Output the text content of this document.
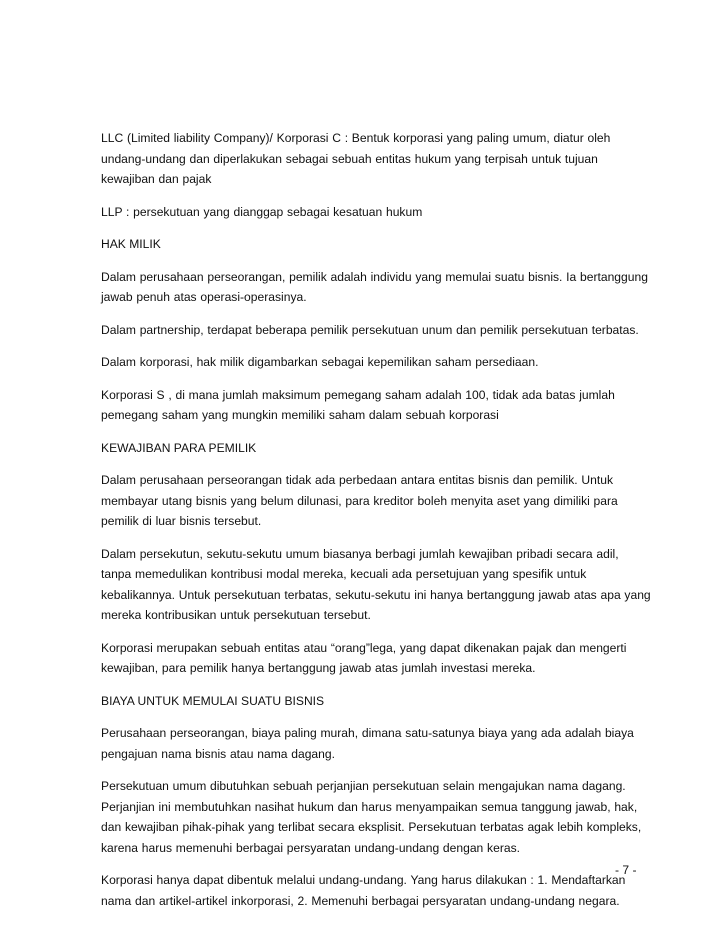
LLC (Limited liability Company)/ Korporasi C : Bentuk korporasi yang paling umum, diatur oleh
undang-undang dan diperlakukan sebagai sebuah entitas hukum yang terpisah untuk tujuan
kewajiban dan pajak
LLP : persekutuan yang dianggap sebagai kesatuan hukum
HAK MILIK
Dalam perusahaan perseorangan, pemilik adalah individu yang memulai suatu bisnis. Ia bertanggung
jawab penuh atas operasi-operasinya.
Dalam partnership, terdapat beberapa pemilik persekutuan unum dan pemilik persekutuan terbatas.
Dalam korporasi, hak milik digambarkan sebagai kepemilikan saham persediaan.
Korporasi S , di mana jumlah maksimum pemegang saham adalah 100, tidak ada batas jumlah
pemegang saham yang mungkin memiliki saham dalam sebuah korporasi
KEWAJIBAN PARA PEMILIK
Dalam perusahaan perseorangan tidak ada perbedaan antara entitas bisnis dan pemilik. Untuk
membayar utang bisnis yang belum dilunasi, para kreditor boleh menyita aset yang dimiliki para
pemilik di luar bisnis tersebut.
Dalam persekutun, sekutu-sekutu umum biasanya berbagi jumlah kewajiban pribadi secara adil,
tanpa memedulikan kontribusi modal mereka, kecuali ada persetujuan yang spesifik untuk
kebalikannya. Untuk persekutuan terbatas, sekutu-sekutu ini hanya bertanggung jawab atas apa yang
mereka kontribusikan untuk persekutuan tersebut.
Korporasi merupakan sebuah entitas atau “orang”lega, yang dapat dikenakan pajak dan mengerti
kewajiban, para pemilik hanya bertanggung jawab atas jumlah investasi mereka.
BIAYA UNTUK MEMULAI SUATU BISNIS
Perusahaan perseorangan, biaya paling murah, dimana satu-satunya biaya yang ada adalah biaya
pengajuan nama bisnis atau nama dagang.
Persekutuan umum dibutuhkan sebuah perjanjian persekutuan selain mengajukan nama dagang.
Perjanjian ini membutuhkan nasihat hukum dan harus menyampaikan semua tanggung jawab, hak,
dan kewajiban pihak-pihak yang terlibat secara eksplisit. Persekutuan terbatas agak lebih kompleks,
karena harus memenuhi berbagai persyaratan undang-undang dengan keras.
Korporasi hanya dapat dibentuk melalui undang-undang. Yang harus dilakukan : 1. Mendaftarkan
nama dan artikel-artikel inkorporasi, 2. Memenuhi berbagai persyaratan undang-undang negara.
- 7 -
